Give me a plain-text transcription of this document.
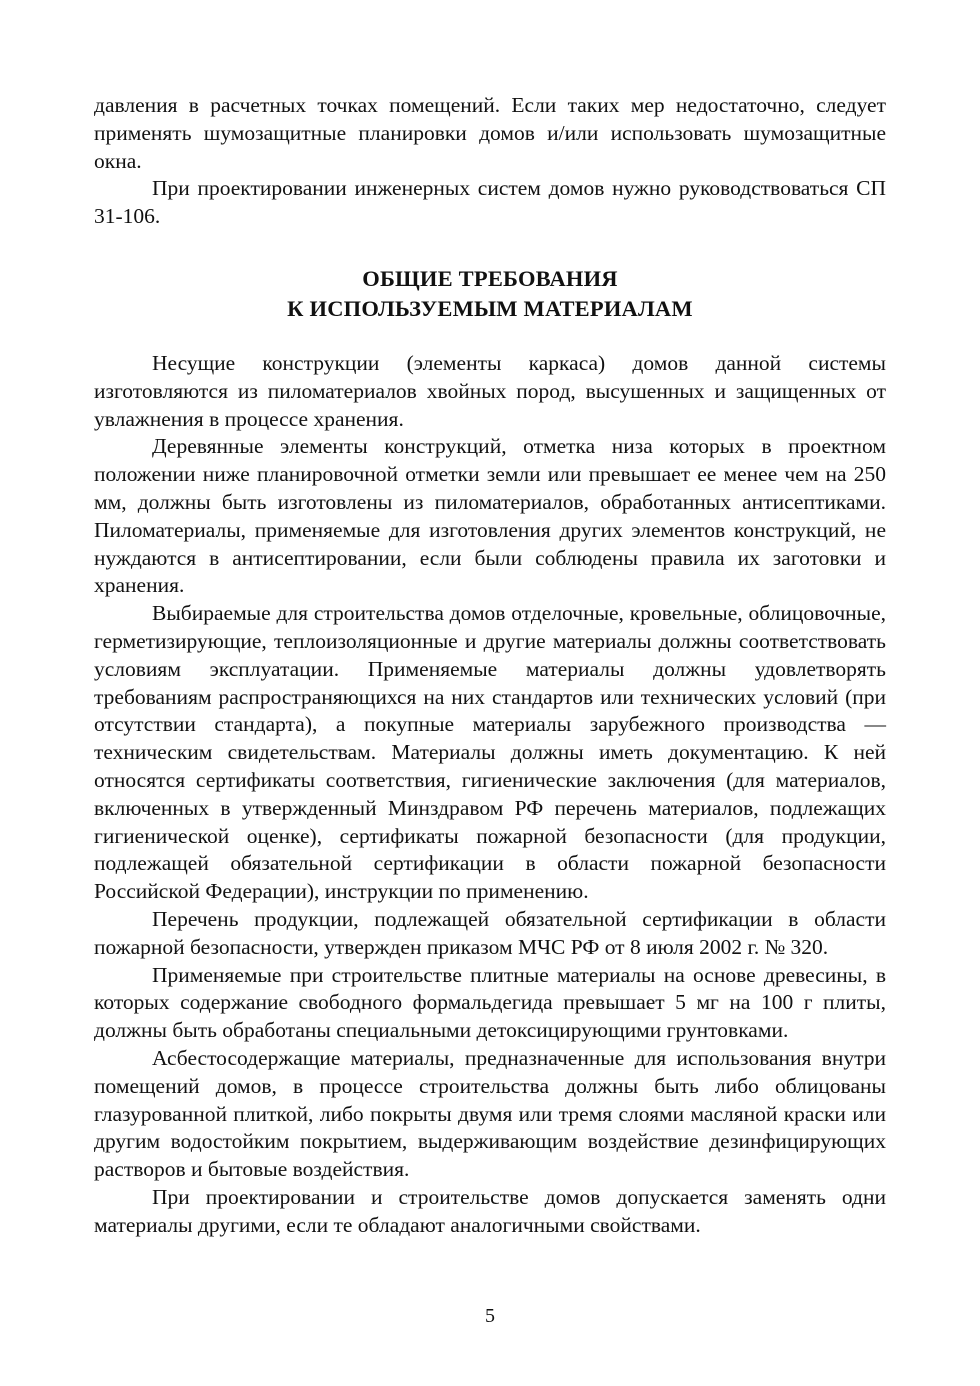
давления в расчетных точках помещений. Если таких мер недостаточно, следует применять шумозащитные планировки домов и/или использовать шумозащитные окна.

При проектировании инженерных систем домов нужно руководствоваться СП 31-106.

ОБЩИЕ ТРЕБОВАНИЯ
К ИСПОЛЬЗУЕМЫМ МАТЕРИАЛАМ

Несущие конструкции (элементы каркаса) домов данной системы изготовляются из пиломатериалов хвойных пород, высушенных и защищенных от увлажнения в процессе хранения.

Деревянные элементы конструкций, отметка низа которых в проектном положении ниже планировочной отметки земли или превышает ее менее чем на 250 мм, должны быть изготовлены из пиломатериалов, обработанных антисептиками. Пиломатериалы, применяемые для изготовления других элементов конструкций, не нуждаются в антисептировании, если были соблюдены правила их заготовки и хранения.

Выбираемые для строительства домов отделочные, кровельные, облицовочные, герметизирующие, теплоизоляционные и другие материалы должны соответствовать условиям эксплуатации. Применяемые материалы должны удовлетворять требованиям распространяющихся на них стандартов или технических условий (при отсутствии стандарта), а покупные материалы зарубежного производства — техническим свидетельствам. Материалы должны иметь документацию. К ней относятся сертификаты соответствия, гигиенические заключения (для материалов, включенных в утвержденный Минздравом РФ перечень материалов, подлежащих гигиенической оценке), сертификаты пожарной безопасности (для продукции, подлежащей обязательной сертификации в области пожарной безопасности Российской Федерации), инструкции по применению.

Перечень продукции, подлежащей обязательной сертификации в области пожарной безопасности, утвержден приказом МЧС РФ от 8 июля 2002 г. № 320.

Применяемые при строительстве плитные материалы на основе древесины, в которых содержание свободного формальдегида превышает 5 мг на 100 г плиты, должны быть обработаны специальными детоксицирующими грунтовками.

Асбестосодержащие материалы, предназначенные для использования внутри помещений домов, в процессе строительства должны быть либо облицованы глазурованной плиткой, либо покрыты двумя или тремя слоями масляной краски или другим водостойким покрытием, выдерживающим воздействие дезинфицирующих растворов и бытовые воздействия.

При проектировании и строительстве домов допускается заменять одни материалы другими, если те обладают аналогичными свойствами.

5
